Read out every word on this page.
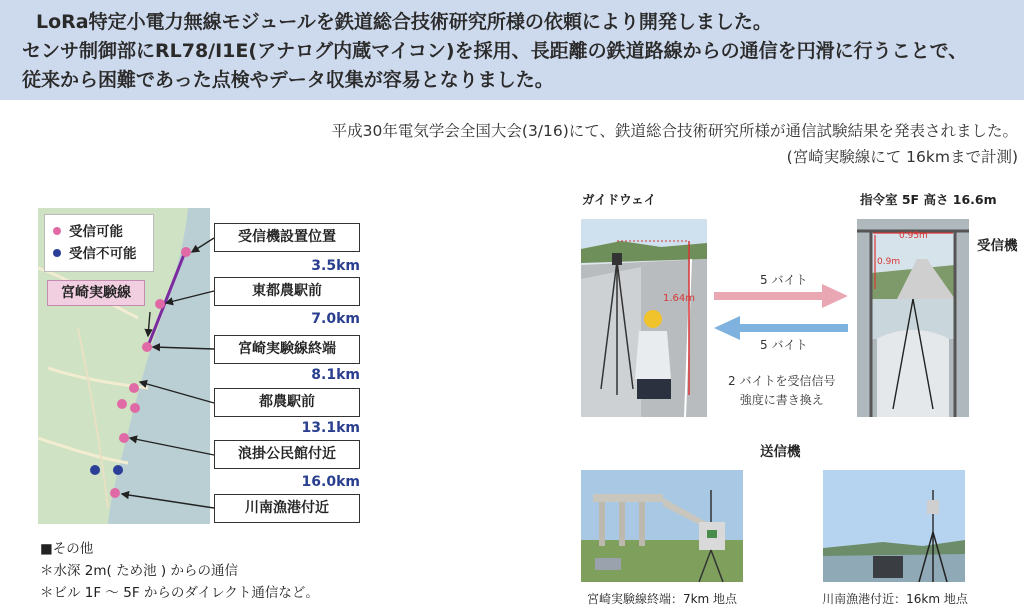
LoRa特定小電力無線モジュールを鉄道総合技術研究所様の依頼により開発しました。

センサ制御部にRL78/I1E(アナログ内蔵マイコン)を採用、長距離の鉄道路線からの通信を円滑に行うことで、

従来から困難であった点検やデータ収集が容易となりました。

平成30年電気学会全国大会(3/16)にて、鉄道総合技術研究所様が通信試験結果を発表されました。
(宮崎実験線にて 16kmまで計測)
受信可能
受信不可能
宮崎実験線
受信機設置位置
3.5km
東都農駅前
7.0km
宮崎実験線終端
8.1km
都農駅前
13.1km
浪掛公民館付近
16.0km
川南漁港付近
■その他
＊水深 2m( ため池 ) からの通信
＊ビル 1F ～ 5F からのダイレクト通信など。
ガイドウェイ	指令室 5F 高さ 16.6m
受信機
1.64m
5 バイト
5 バイト
2 バイトを受信信号
強度に書き換え
0.95m
0.9m
送信機
宮崎実験線終端：7km 地点	川南漁港付近：16km 地点
